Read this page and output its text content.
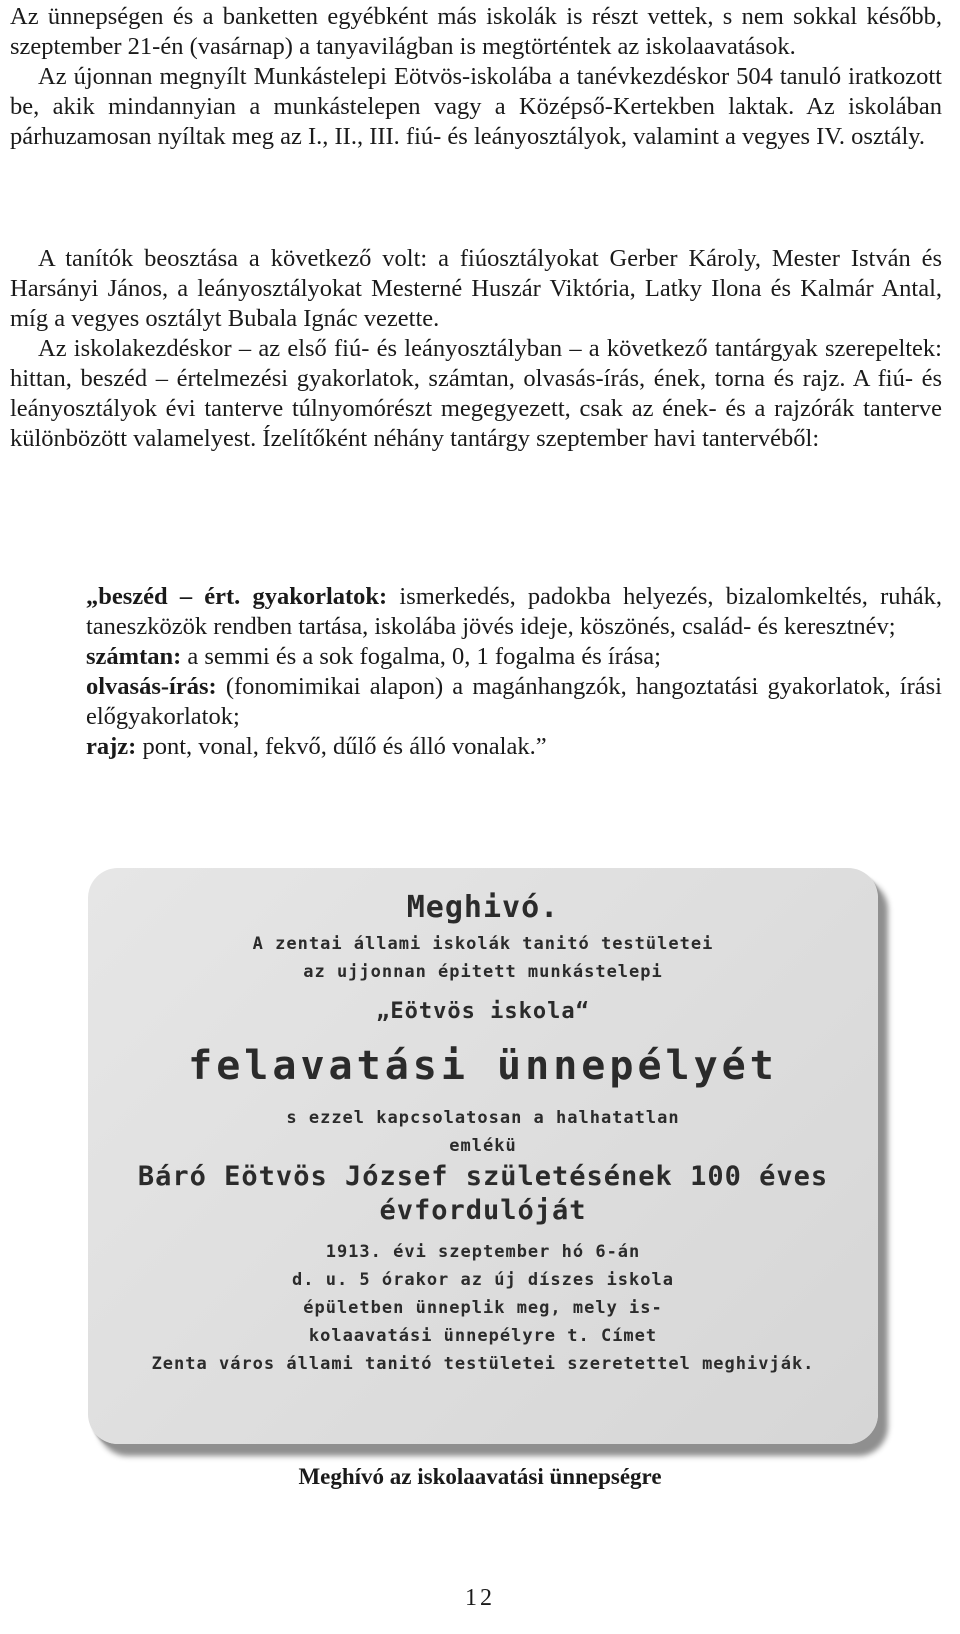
Az ünnepségen és a banketten egyébként más iskolák is részt vettek, s nem sokkal később, szeptember 21-én (vasárnap) a tanyavilágban is megtörténtek az iskolaavatások.

Az újonnan megnyílt Munkástelepi Eötvös-iskolába a tanévkezdéskor 504 tanuló iratkozott be, akik mindannyian a munkástelepen vagy a Középső-Kertekben laktak. Az iskolában párhuzamosan nyíltak meg az I., II., III. fiú- és leányosztályok, valamint a vegyes IV. osztály.

A tanítók beosztása a következő volt: a fiúosztályokat Gerber Károly, Mester István és Harsányi János, a leányosztályokat Mesterné Huszár Viktória, Latky Ilona és Kalmár Antal, míg a vegyes osztályt Bubala Ignác vezette.

Az iskolakezdéskor – az első fiú- és leányosztályban – a következő tantárgyak szerepeltek: hittan, beszéd – értelmezési gyakorlatok, számtan, olvasás-írás, ének, torna és rajz. A fiú- és leányosztályok évi tanterve túlnyomórészt megegyezett, csak az ének- és a rajzórák tanterve különbözött valamelyest. Ízelítőként néhány tantárgy szeptember havi tantervéből:

„beszéd – ért. gyakorlatok: ismerkedés, padokba helyezés, bizalomkeltés, ruhák, taneszközök rendben tartása, iskolába jövés ideje, köszönés, család- és keresztnév;

számtan: a semmi és a sok fogalma, 0, 1 fogalma és írása;

olvasás-írás: (fonomimikai alapon) a magánhangzók, hangoztatási gyakorlatok, írási előgyakorlatok;

rajz: pont, vonal, fekvő, dűlő és álló vonalak.”

Meghivó.
A zentai állami iskolák tanitó testületei
az ujjonnan épitett munkástelepi
„Eötvös iskola“
felavatási ünnepélyét
s ezzel kapcsolatosan a halhatatlan
emlékü
Báró Eötvös József születésének 100 éves
évfordulóját
1913. évi szeptember hó 6-án
d. u. 5 órakor az új díszes iskola
épületben ünneplik meg, mely is-
kolaavatási ünnepélyre t. Címet
Zenta város állami tanitó testületei szeretettel meghivják.
Meghívó az iskolaavatási ünnepségre
12
